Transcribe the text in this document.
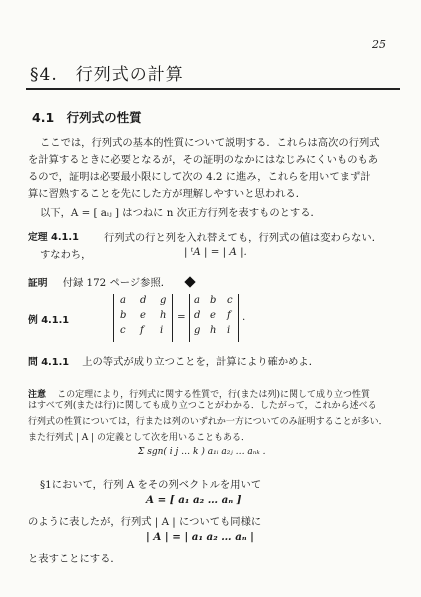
25
§4.　行列式の計算
4.1　行列式の性質
ここでは，行列式の基本的性質について説明する．これらは高次の行列式
を計算するときに必要となるが，その証明のなかにはなじみにくいものもあ
るので，証明は必要最小限にして次の 4.2 に進み，これらを用いてまず計
算に習熟することを先にした方が理解しやすいと思われる．
以下，A = [ aᵢⱼ ] はつねに n 次正方行列を表すものとする．
定理 4.1.1 行列式の行と列を入れ替えても，行列式の値は変わらない．
すなわち，	| ᵗA | = | A |.
証明 付録 172 ページ参照．
例 4.1.1
a d g
b e h
c f i
=
a b c
d e f
g h i
.
問 4.1.1 上の等式が成り立つことを，計算により確かめよ．
注意 この定理により，行列式に関する性質で，行(または列)に関して成り立つ性質
はすべて列(または行)に関しても成り立つことがわかる．したがって，これから述べる
行列式の性質については，行または列のいずれか一方についてのみ証明することが多い．
また行列式 | A | の定義として次を用いることもある．
Σ sgn( i j … k ) a₁ᵢ a₂ⱼ … aₙₖ .
§1において，行列 A をその列ベクトルを用いて
A = [ a₁ a₂ … aₙ ]
のように表したが，行列式 | A | についても同様に
| A | = | a₁ a₂ … aₙ |
と表すことにする．
